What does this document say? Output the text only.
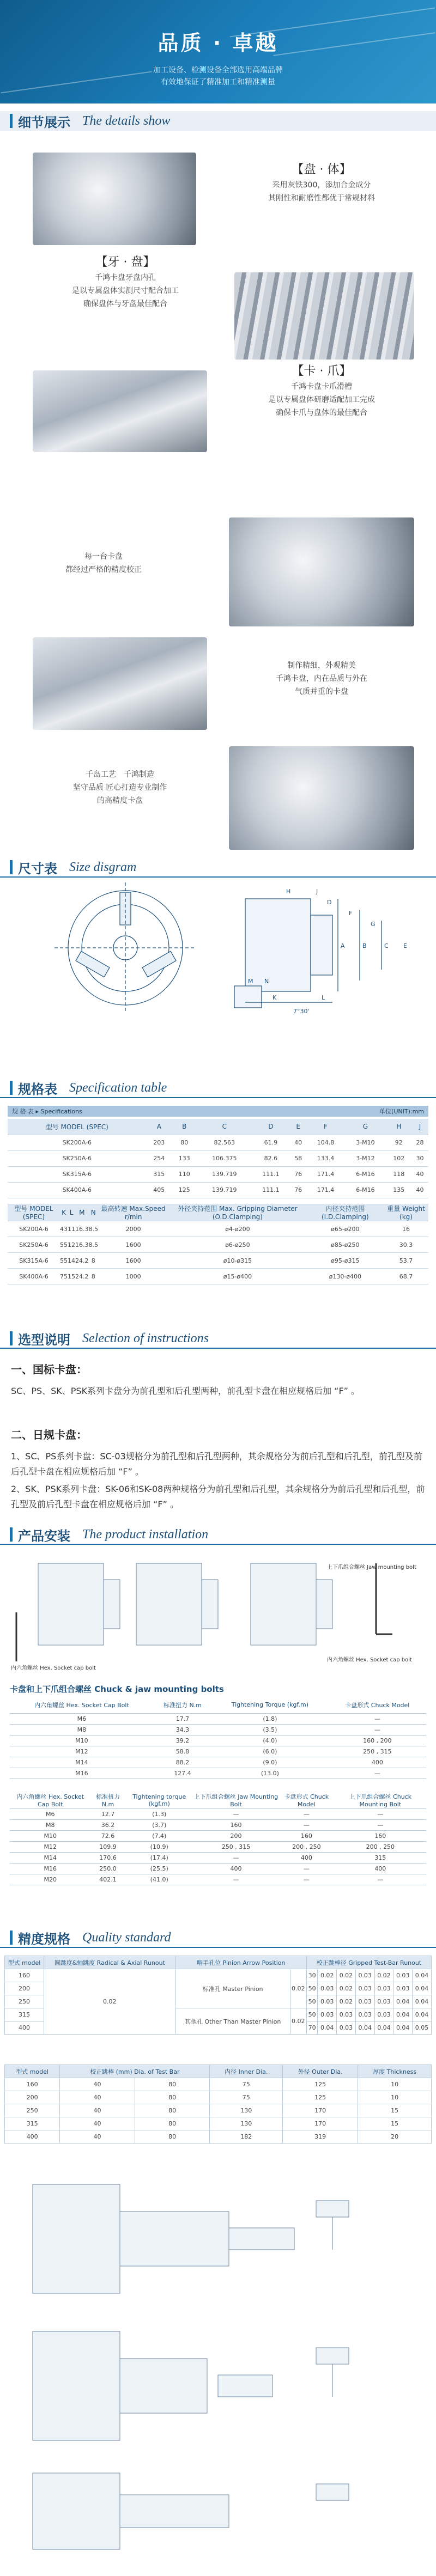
品质 · 卓越
加工设备、检测设备全部选用高端品牌
有效地保证了精准加工和精准测量
细节展示 The details show
【盘 · 体】
采用灰铁300，添加合金成分
其刚性和耐磨性都优于常规材料
【牙 · 盘】
千鸿卡盘牙盘内孔
是以专属盘体实测尺寸配合加工
确保盘体与牙盘最佳配合
【卡 · 爪】
千鸿卡盘卡爪滑槽
是以专属盘体研磨适配加工完成
确保卡爪与盘体的最佳配合
每一台卡盘
都经过严格的精度校正
制作精细，外观精美
千鸿卡盘，内在品质与外在
气质并重的卡盘
千岛工艺　千鸿制造
坚守品质 匠心打造专业制作
的高精度卡盘
尺寸表 Size disgram
7°30'
A	B	C
D
E
F
G
H	J
K	L
M N
规格表 Specification table
规 格 表 ▸ Specifications	单位(UNIT):mm
型号 MODEL (SPEC)	A	B	C	D	E	F	G	H	J
SK200A-6	203	80	82.563	61.9	40	104.8	3-M10	92	28
SK250A-6	254	133	106.375	82.6	58	133.4	3-M12	102	30
SK315A-6	315	110	139.719	111.1	76	171.4	6-M16	118	40
SK400A-6	405	125	139.719	111.1	76	171.4	6-M16	135	40
型号 MODEL (SPEC)	K	L	M	N	最高转速 Max.Speed r/min	外径夹持范围 Max. Gripping Diameter (O.D.Clamping)	内径夹持范围 (I.D.Clamping)	重量 Weight (kg)
SK200A-6	43	11	16.3	8.5	2000	ø4-ø200	ø65-ø200	16
SK250A-6	55	12	16.3	8.5	1600	ø6-ø250	ø85-ø250	30.3
SK315A-6	55	14	24.2	8	1600	ø10-ø315	ø95-ø315	53.7
SK400A-6	75	15	24.2	8	1000	ø15-ø400	ø130-ø400	68.7
选型说明 Selection of instructions
一、国标卡盘：
SC、PS、SK、PSK系列卡盘分为前孔型和后孔型两种，前孔型卡盘在相应规格后加 “F” 。
二、日规卡盘：
1、SC、PS系列卡盘：SC-03规格分为前孔型和后孔型两种，其余规格分为前后孔型和后孔型，前孔型及前后孔型卡盘在相应规格后加 “F” 。
2、SK、PSK系列卡盘：SK-06和SK-08两种规格分为前孔型和后孔型，其余规格分为前后孔型和后孔型，前孔型及前后孔型卡盘在相应规格后加 “F” 。
产品安装 The product installation
上下爪组合螺丝 Jaw mounting bolt
内六角螺丝 Hex. Socket cap bolt
内六角螺丝 Hex. Socket cap bolt
卡盘和上下爪组合螺丝 Chuck & jaw mounting bolts
内六角螺丝 Hex. Socket Cap Bolt	标准扭力 N.m	Tightening Torque (kgf.m)	卡盘形式 Chuck Model
M6	17.7	(1.8)	—
M8	34.3	(3.5)	—
M10	39.2	(4.0)	160 , 200
M12	58.8	(6.0)	250 , 315
M14	88.2	(9.0)	400
M16	127.4	(13.0)	—
内六角螺丝 Hex. Socket Cap Bolt	标准扭力 N.m	Tightening torque (kgf.m)	上下爪组合螺丝 Jaw Mounting Bolt	卡盘形式 Chuck Model	上下爪组合螺丝 Chuck Mounting Bolt
M6	12.7	(1.3)	—	—	—
M8	36.2	(3.7)	160	—	—
M10	72.6	(7.4)	200	160	160
M12	109.9	(10.9)	250 , 315	200 , 250	200 , 250
M14	170.6	(17.4)	—	400	315
M16	250.0	(25.5)	400	—	400
M20	402.1	(41.0)	—	—	—
精度规格 Quality standard
型式 model	圆跳度&轴跳度 Radical & Axial Runout	啃手孔位 Pinion Arrow Position		校正跳棒径 Gripped Test-Bar Runout						
160	0.02	标准孔 Master Pinion	0.02	30	0.02	0.02	0.03	0.02	0.03	0.04
200				50	0.03	0.02	0.03	0.03	0.03	0.04
250				50	0.03	0.02	0.03	0.03	0.04	0.04
315		其他孔 Other Than Master Pinion	0.02	50	0.03	0.03	0.03	0.03	0.04	0.04
400				70	0.04	0.03	0.04	0.04	0.04	0.05
型式 model	校正跳棒 (mm) Dia. of Test Bar		内径 Inner Dia.	外径 Outer Dia.	厚度 Thickness
160	40	80	75	125	10
200	40	80	75	125	10
250	40	80	130	170	15
315	40	80	130	170	15
400	40	80	182	319	20
